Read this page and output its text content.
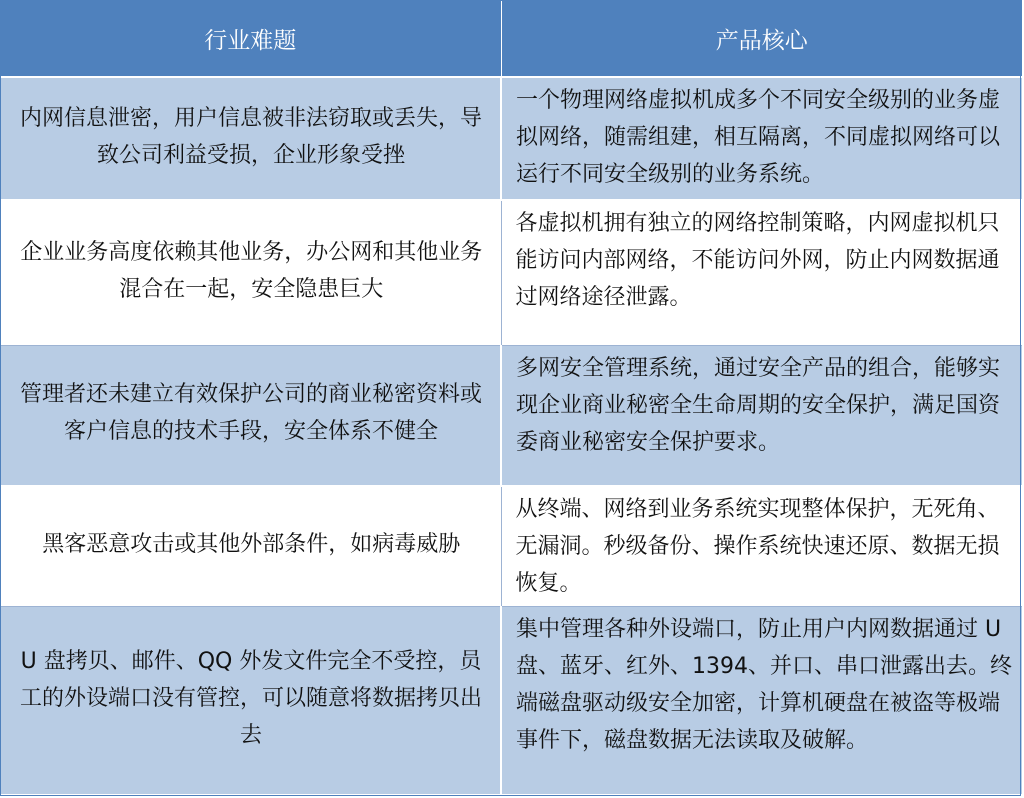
行业难题	产品核心
内网信息泄密，用户信息被非法窃取或丢失，导致公司利益受损，企业形象受挫	一个物理网络虚拟机成多个不同安全级别的业务虚拟网络，随需组建，相互隔离，不同虚拟网络可以运行不同安全级别的业务系统。
企业业务高度依赖其他业务，办公网和其他业务混合在一起，安全隐患巨大	各虚拟机拥有独立的网络控制策略，内网虚拟机只能访问内部网络，不能访问外网，防止内网数据通过网络途径泄露。
管理者还未建立有效保护公司的商业秘密资料或客户信息的技术手段，安全体系不健全	多网安全管理系统，通过安全产品的组合，能够实现企业商业秘密全生命周期的安全保护，满足国资委商业秘密安全保护要求。
黑客恶意攻击或其他外部条件，如病毒威胁	从终端、网络到业务系统实现整体保护，无死角、无漏洞。秒级备份、操作系统快速还原、数据无损恢复。
U 盘拷贝、邮件、QQ 外发文件完全不受控，员工的外设端口没有管控，可以随意将数据拷贝出去	集中管理各种外设端口，防止用户内网数据通过 U 盘、蓝牙、红外、1394、并口、串口泄露出去。终端磁盘驱动级安全加密，计算机硬盘在被盗等极端事件下，磁盘数据无法读取及破解。
